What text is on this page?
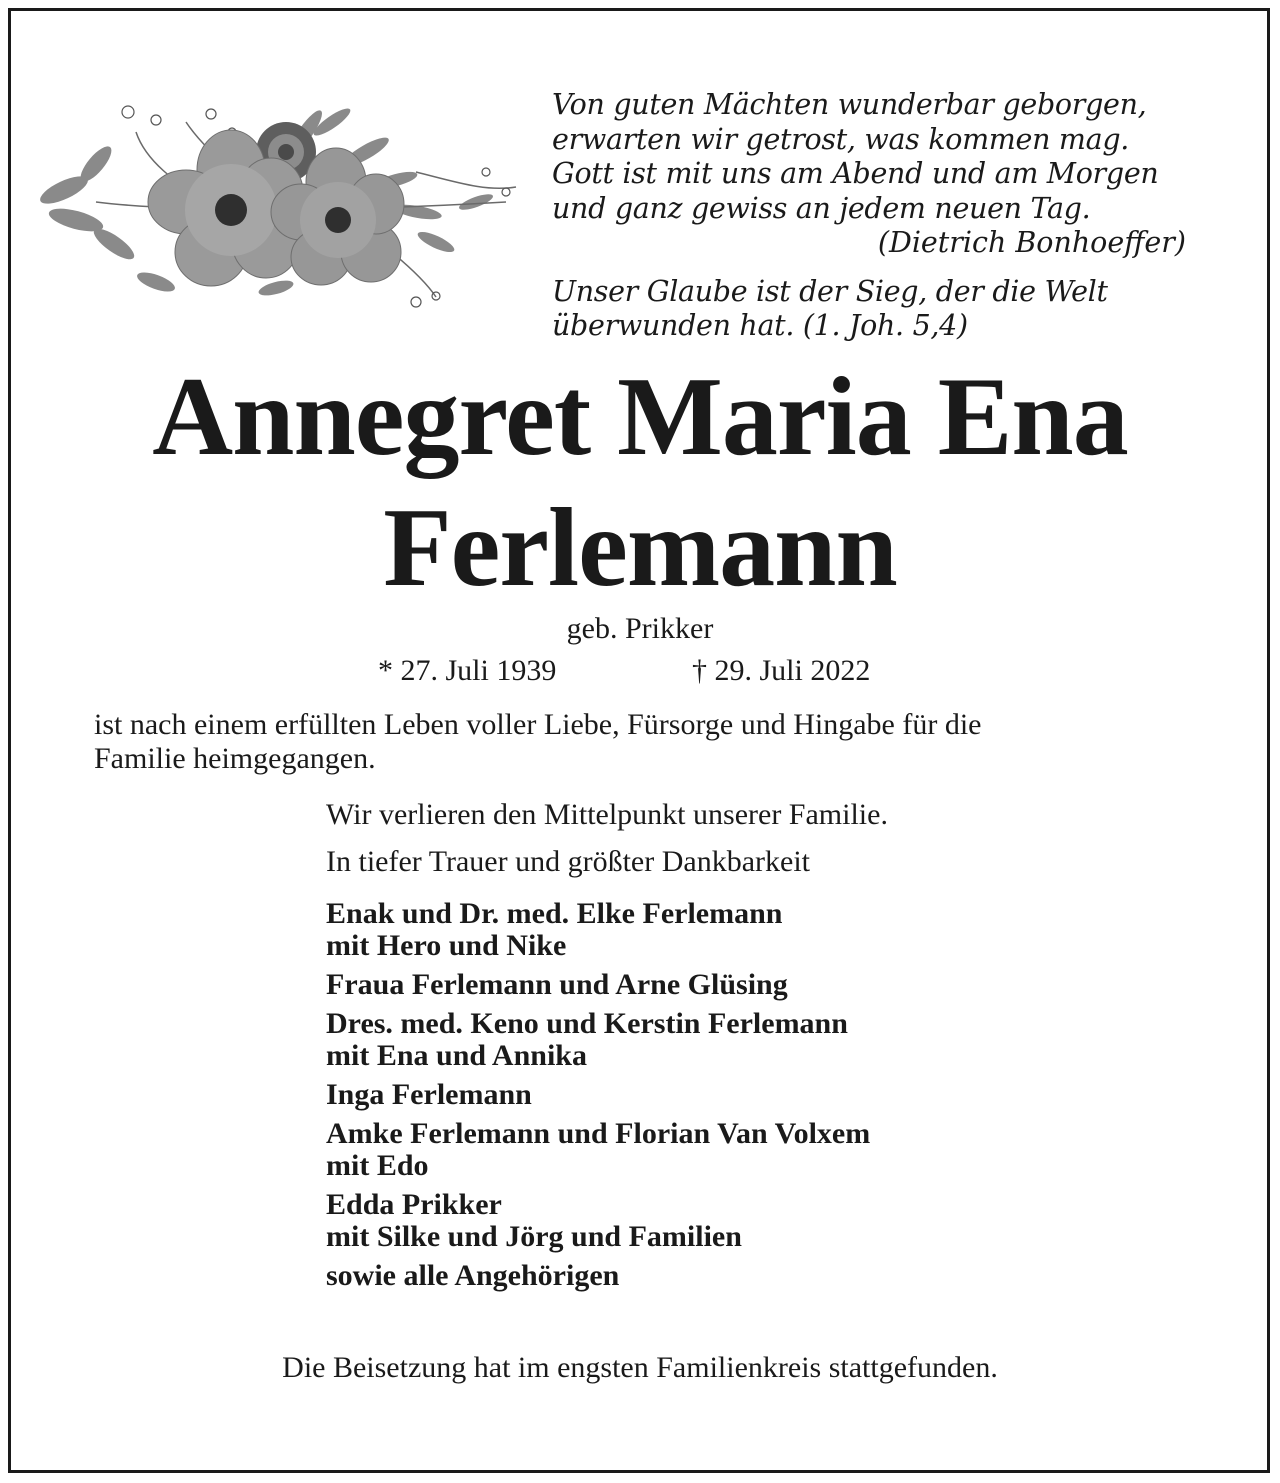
Von guten Mächten wunderbar geborgen,
erwarten wir getrost, was kommen mag.
Gott ist mit uns am Abend und am Morgen
und ganz gewiss an jedem neuen Tag.
(Dietrich Bonhoeffer)
Unser Glaube ist der Sieg, der die Welt
überwunden hat. (1. Joh. 5,4)
Annegret Maria Ena
Ferlemann
geb. Prikker
* 27. Juli 1939	† 29. Juli 2022
ist nach einem erfüllten Leben voller Liebe, Fürsorge und Hingabe für die
Familie heimgegangen.
Wir verlieren den Mittelpunkt unserer Familie.
In tiefer Trauer und größter Dankbarkeit
Enak und Dr. med. Elke Ferlemann
mit Hero und Nike
Fraua Ferlemann und Arne Glüsing
Dres. med. Keno und Kerstin Ferlemann
mit Ena und Annika
Inga Ferlemann
Amke Ferlemann und Florian Van Volxem
mit Edo
Edda Prikker
mit Silke und Jörg und Familien
sowie alle Angehörigen
Die Beisetzung hat im engsten Familienkreis stattgefunden.
